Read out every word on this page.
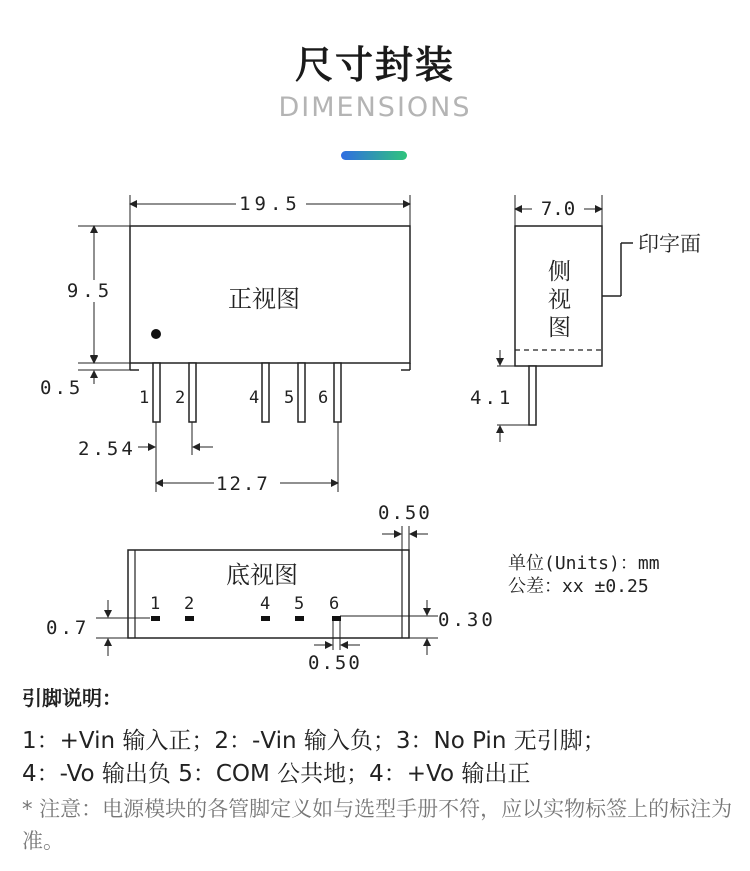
尺寸封装
DIMENSIONS
19.5
9.5
0.5
正视图
1 2	4 5 6
2.54
12.7
7.0
印字面
侧
视
图
4.1
0.50
底视图
1 2	4 5 6
0.7	0.30
0.50
单位(Units)：mm
公差：xx ±0.25
引脚说明：
1：+Vin 输入正；2：-Vin 输入负；3：No Pin 无引脚；
4：-Vo 输出负 5：COM 公共地；4：+Vo 输出正
* 注意：电源模块的各管脚定义如与选型手册不符，应以实物标签上的标注为准。
